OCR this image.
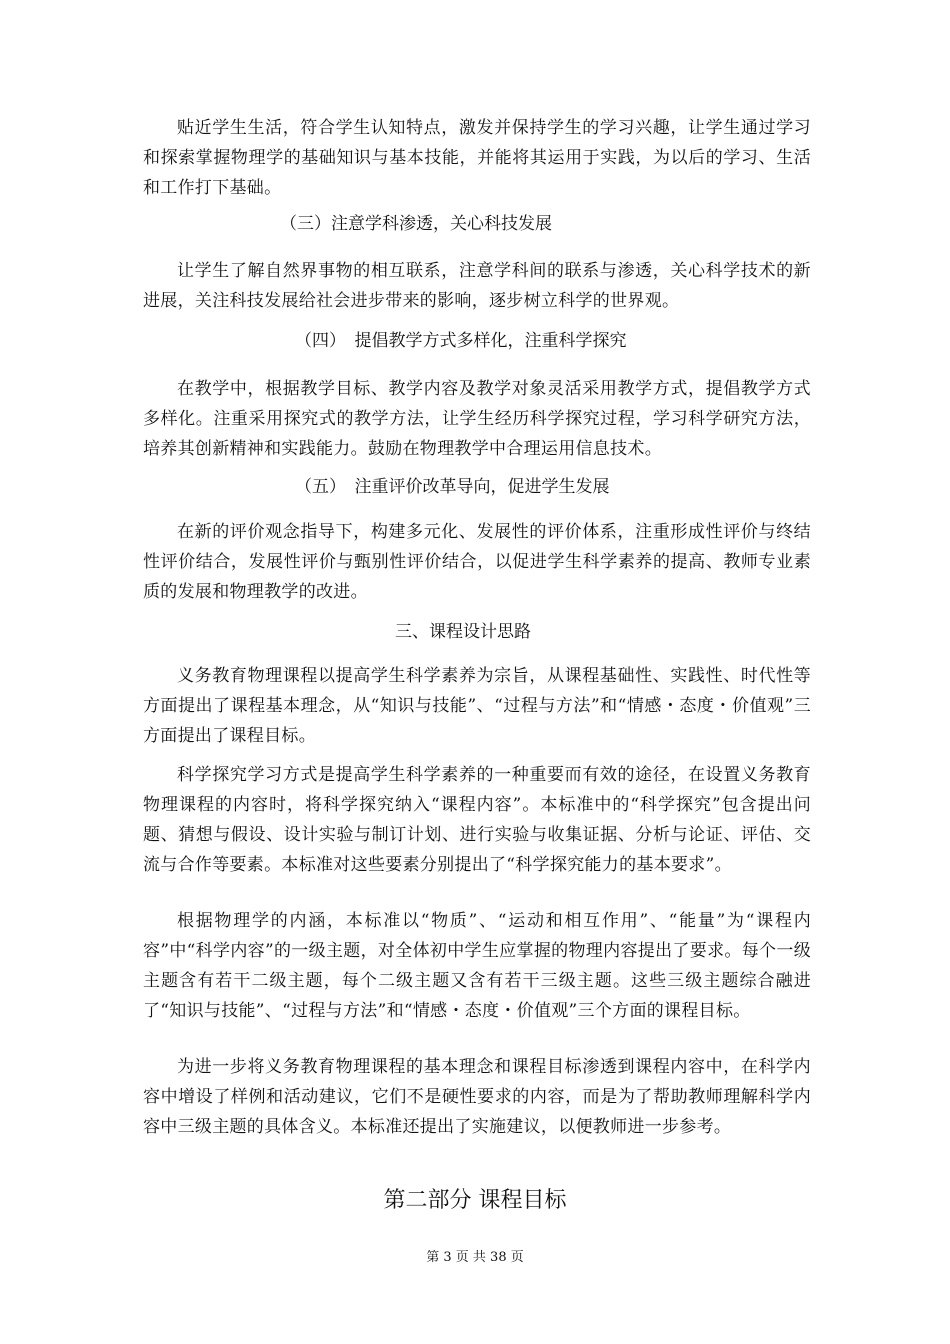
贴近学生生活，符合学生认知特点，激发并保持学生的学习兴趣，让学生通过学习和探索掌握物理学的基础知识与基本技能，并能将其运用于实践，为以后的学习、生活和工作打下基础。

（三）注意学科渗透，关心科技发展

让学生了解自然界事物的相互联系，注意学科间的联系与渗透，关心科学技术的新进展，关注科技发展给社会进步带来的影响，逐步树立科学的世界观。

（四）　提倡教学方式多样化，注重科学探究

在教学中，根据教学目标、教学内容及教学对象灵活采用教学方式，提倡教学方式多样化。注重采用探究式的教学方法，让学生经历科学探究过程，学习科学研究方法，培养其创新精神和实践能力。鼓励在物理教学中合理运用信息技术。

（五）　注重评价改革导向，促进学生发展

在新的评价观念指导下，构建多元化、发展性的评价体系，注重形成性评价与终结性评价结合，发展性评价与甄别性评价结合，以促进学生科学素养的提高、教师专业素质的发展和物理教学的改进。

三、课程设计思路

义务教育物理课程以提高学生科学素养为宗旨，从课程基础性、实践性、时代性等方面提出了课程基本理念，从“知识与技能”、“过程与方法”和“情感・态度・价值观”三方面提出了课程目标。

科学探究学习方式是提高学生科学素养的一种重要而有效的途径，在设置义务教育物理课程的内容时，将科学探究纳入“课程内容”。本标准中的“科学探究”包含提出问题、猜想与假设、设计实验与制订计划、进行实验与收集证据、分析与论证、评估、交流与合作等要素。本标准对这些要素分别提出了“科学探究能力的基本要求”。

根据物理学的内涵，本标准以“物质”、“运动和相互作用”、“能量”为“课程内容”中“科学内容”的一级主题，对全体初中学生应掌握的物理内容提出了要求。每个一级主题含有若干二级主题，每个二级主题又含有若干三级主题。这些三级主题综合融进了“知识与技能”、“过程与方法”和“情感・态度・价值观”三个方面的课程目标。

为进一步将义务教育物理课程的基本理念和课程目标渗透到课程内容中，在科学内容中增设了样例和活动建议，它们不是硬性要求的内容，而是为了帮助教师理解科学内容中三级主题的具体含义。本标准还提出了实施建议，以便教师进一步参考。

第二部分 课程目标

第 3 页 共 38 页
